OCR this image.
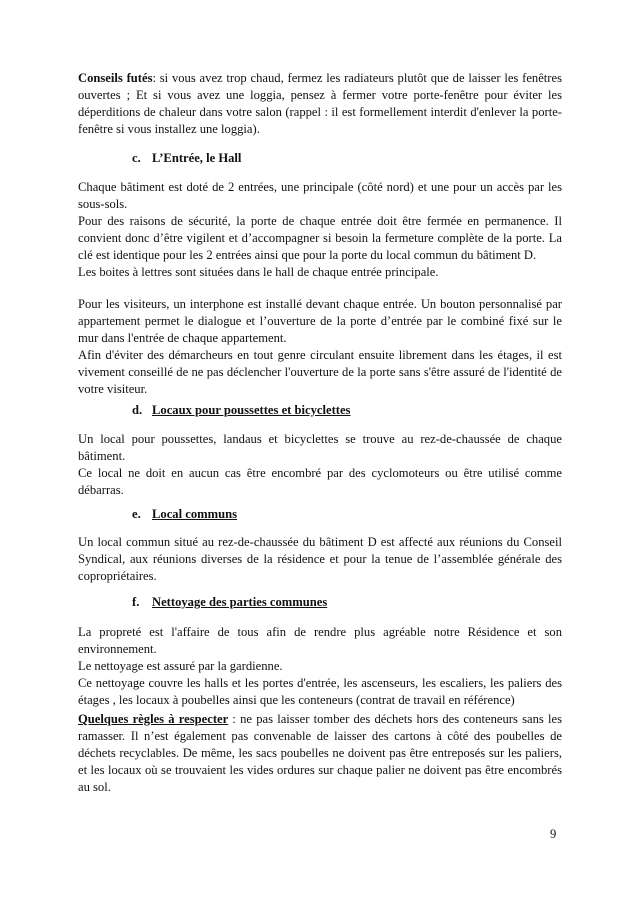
Conseils futés: si vous avez trop chaud, fermez les radiateurs plutôt que de laisser les fenêtres ouvertes ; Et si vous avez une loggia, pensez à fermer votre porte-fenêtre pour éviter les déperditions de chaleur dans votre salon (rappel : il est formellement interdit d'enlever la porte-fenêtre si vous installez une loggia).

c. L’Entrée, le Hall

Chaque bâtiment est doté de 2 entrées, une principale (côté nord) et une pour un accès par les sous-sols.

Pour des raisons de sécurité, la porte de chaque entrée doit être fermée en permanence. Il convient donc d’être vigilent et d’accompagner si besoin la fermeture complète de la porte. La clé est identique pour les 2 entrées ainsi que pour la porte du local commun du bâtiment D.

Les boites à lettres sont situées dans le hall de chaque entrée principale.

Pour les visiteurs, un interphone est installé devant chaque entrée. Un bouton personnalisé par appartement permet le dialogue et l’ouverture de la porte d’entrée par le combiné fixé sur le mur dans l'entrée de chaque appartement.

Afin d'éviter des démarcheurs en tout genre circulant ensuite librement dans les étages, il est vivement conseillé de ne pas déclencher l'ouverture de la porte sans s'être assuré de l'identité de votre visiteur.

d. Locaux pour poussettes et bicyclettes

Un local pour poussettes, landaus et bicyclettes se trouve au rez-de-chaussée de chaque bâtiment.

Ce local ne doit en aucun cas être encombré par des cyclomoteurs ou être utilisé comme débarras.

e. Local communs

Un local commun situé au rez-de-chaussée du bâtiment D est affecté aux réunions du Conseil Syndical, aux réunions diverses de la résidence et pour la tenue de l’assemblée générale des copropriétaires.

f. Nettoyage des parties communes

La propreté est l'affaire de tous afin de rendre plus agréable notre Résidence et son environnement.

Le nettoyage est assuré par la gardienne.

Ce nettoyage couvre les halls et les portes d'entrée, les ascenseurs, les escaliers, les paliers des étages , les locaux à poubelles ainsi que les conteneurs (contrat de travail en référence)

Quelques règles à respecter : ne pas laisser tomber des déchets hors des conteneurs sans les ramasser. Il n’est également pas convenable de laisser des cartons à côté des poubelles de déchets recyclables. De même, les sacs poubelles ne doivent pas être entreposés sur les paliers, et les locaux où se trouvaient les vides ordures sur chaque palier ne doivent pas être encombrés au sol.

9
